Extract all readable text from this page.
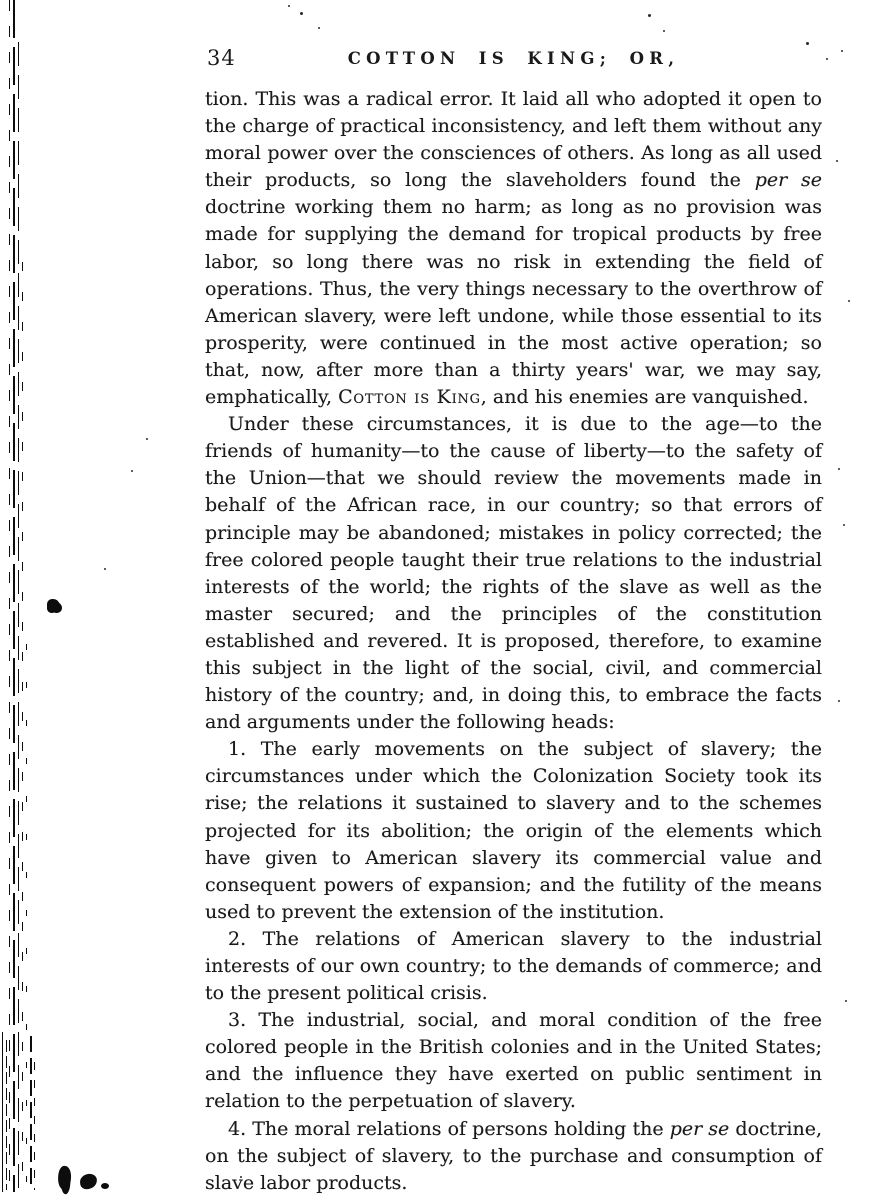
34	COTTON IS KING; OR,

tion. This was a radical error. It laid all who adopted it open to the charge of practical inconsistency, and left them without any moral power over the consciences of others. As long as all used their products, so long the slaveholders found the per se doctrine working them no harm; as long as no provision was made for supplying the demand for tropical products by free labor, so long there was no risk in extending the field of operations. Thus, the very things necessary to the overthrow of American slavery, were left undone, while those essential to its prosperity, were continued in the most active operation; so that, now, after more than a thirty years' war, we may say, emphatically, Cotton is King, and his enemies are vanquished.

Under these circumstances, it is due to the age—to the friends of humanity—to the cause of liberty—to the safety of the Union—that we should review the movements made in behalf of the African race, in our country; so that errors of principle may be abandoned; mistakes in policy corrected; the free colored people taught their true relations to the industrial interests of the world; the rights of the slave as well as the master secured; and the principles of the constitution established and revered. It is proposed, therefore, to examine this subject in the light of the social, civil, and commercial history of the country; and, in doing this, to embrace the facts and arguments under the following heads:

1. The early movements on the subject of slavery; the circumstances under which the Colonization Society took its rise; the relations it sustained to slavery and to the schemes projected for its abolition; the origin of the elements which have given to American slavery its commercial value and consequent powers of expansion; and the futility of the means used to prevent the extension of the institution.

2. The relations of American slavery to the industrial interests of our own country; to the demands of commerce; and to the present political crisis.

3. The industrial, social, and moral condition of the free colored people in the British colonies and in the United States; and the influence they have exerted on public sentiment in relation to the perpetuation of slavery.

4. The moral relations of persons holding the per se doctrine, on the subject of slavery, to the purchase and consumption of slave labor products.
